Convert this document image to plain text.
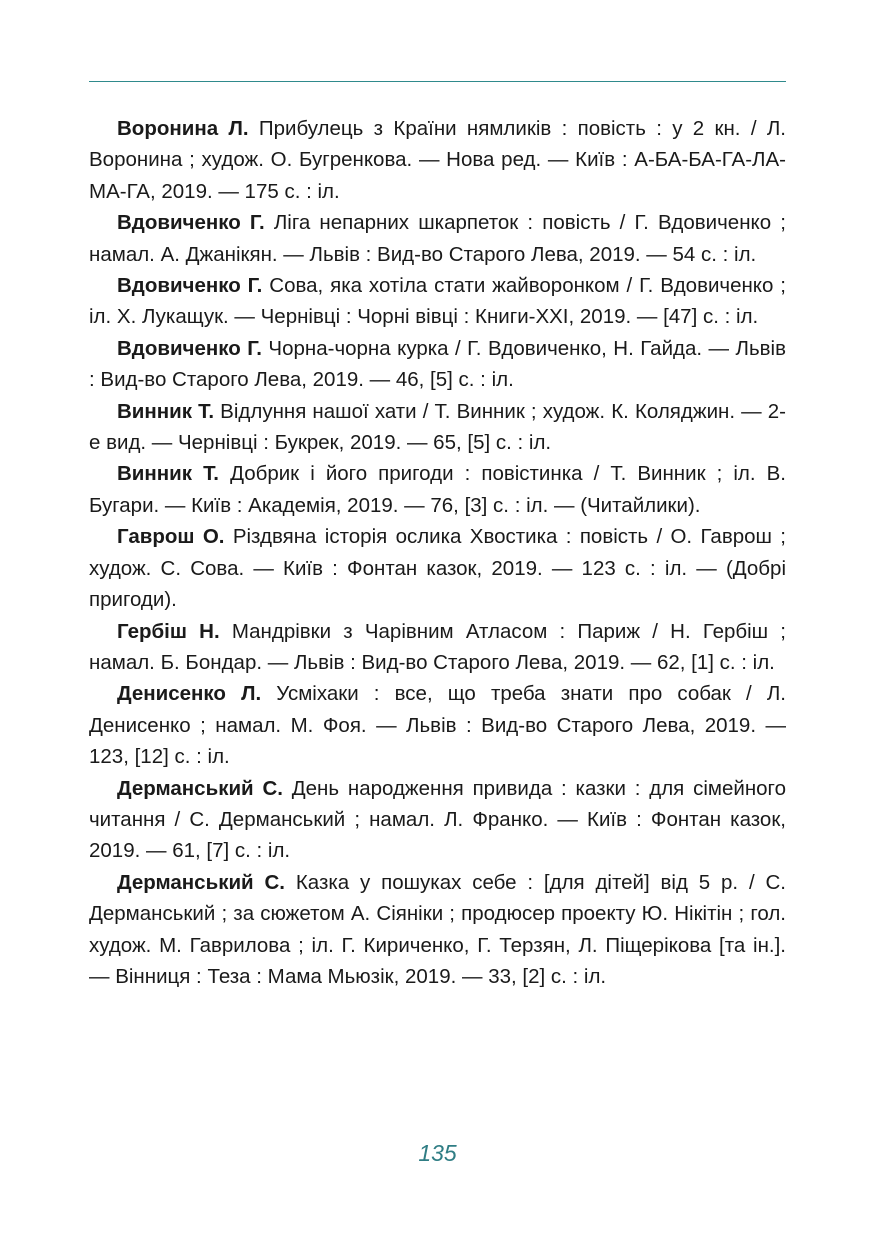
Воронина Л. Прибулець з Країни нямликів : повість : у 2 кн. / Л. Воронина ; худож. О. Бугренкова. — Нова ред. — Київ : А-БА-БА-ГА-ЛА-МА-ГА, 2019. — 175 с. : іл.

Вдовиченко Г. Ліга непарних шкарпеток : повість / Г. Вдовиченко ; намал. А. Джанікян. — Львів : Вид-во Старого Лева, 2019. — 54 с. : іл.

Вдовиченко Г. Сова, яка хотіла стати жайворонком / Г. Вдовиченко ; іл. Х. Лукащук. — Чернівці : Чорні вівці : Книги-ХХІ, 2019. — [47] с. : іл.

Вдовиченко Г. Чорна-чорна курка / Г. Вдовиченко, Н. Гайда. — Львів : Вид-во Старого Лева, 2019. — 46, [5] с. : іл.

Винник Т. Відлуння нашої хати / Т. Винник ; худож. К. Коляджин. — 2-е вид. — Чернівці : Букрек, 2019. — 65, [5] с. : іл.

Винник Т. Добрик і його пригоди : повістинка / Т. Винник ; іл. В. Бугари. — Київ : Академія, 2019. — 76, [3] с. : іл. — (Читайлики).

Гаврош О. Різдвяна історія ослика Хвостика : повість / О. Гаврош ; худож. С. Сова. — Київ : Фонтан казок, 2019. — 123 с. : іл. — (Добрі пригоди).

Гербіш Н. Мандрівки з Чарівним Атласом : Париж / Н. Гербіш ; намал. Б. Бондар. — Львів : Вид-во Старого Лева, 2019. — 62, [1] с. : іл.

Денисенко Л. Усміхаки : все, що треба знати про собак / Л. Денисенко ; намал. М. Фоя. — Львів : Вид-во Старого Лева, 2019. — 123, [12] с. : іл.

Дерманський С. День народження привида : казки : для сімейного читання / С. Дерманський ; намал. Л. Франко. — Київ : Фонтан казок, 2019. — 61, [7] с. : іл.

Дерманський С. Казка у пошуках себе : [для дітей] від 5 р. / С. Дерманський ; за сюжетом А. Сіяніки ; продюсер проекту Ю. Нікітін ; гол. худож. М. Гаврилова ; іл. Г. Кириченко, Г. Терзян, Л. Піщерікова [та ін.]. — Вінниця : Теза : Мама Мьюзік, 2019. — 33, [2] с. : іл.

135
